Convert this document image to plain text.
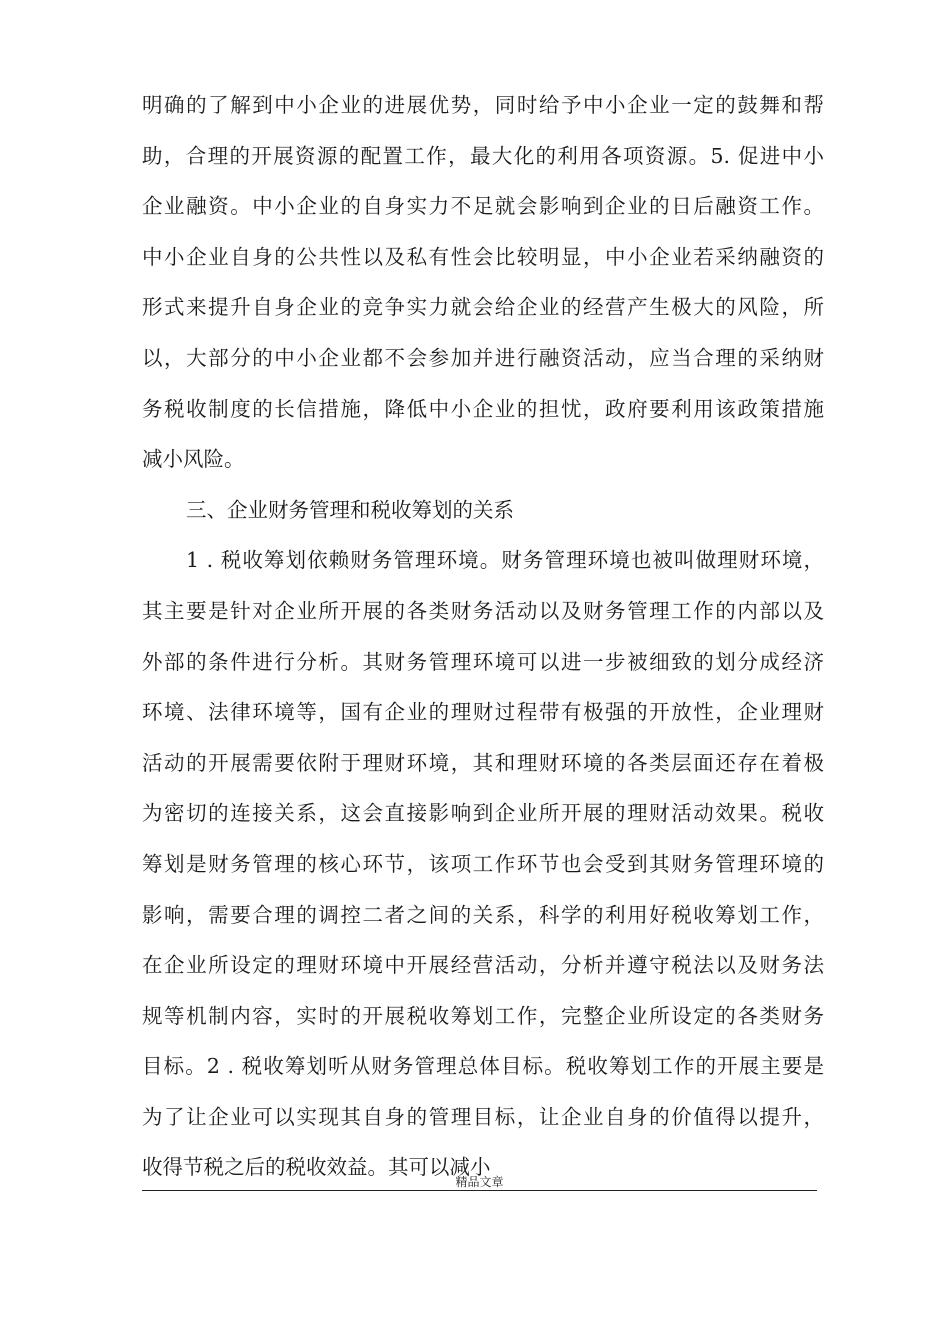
明确的了解到中小企业的进展优势，同时给予中小企业一定的鼓舞和帮
助，合理的开展资源的配置工作，最大化的利用各项资源。5. 促进中小
企业融资。中小企业的自身实力不足就会影响到企业的日后融资工作。
中小企业自身的公共性以及私有性会比较明显，中小企业若采纳融资的
形式来提升自身企业的竞争实力就会给企业的经营产生极大的风险，所
以，大部分的中小企业都不会参加并进行融资活动，应当合理的采纳财
务税收制度的长信措施，降低中小企业的担忧，政府要利用该政策措施
减小风险。
三、企业财务管理和税收筹划的关系
1 . 税收筹划依赖财务管理环境。财务管理环境也被叫做理财环境，
其主要是针对企业所开展的各类财务活动以及财务管理工作的内部以及
外部的条件进行分析。其财务管理环境可以进一步被细致的划分成经济
环境、法律环境等，国有企业的理财过程带有极强的开放性，企业理财
活动的开展需要依附于理财环境，其和理财环境的各类层面还存在着极
为密切的连接关系，这会直接影响到企业所开展的理财活动效果。税收
筹划是财务管理的核心环节，该项工作环节也会受到其财务管理环境的
影响，需要合理的调控二者之间的关系，科学的利用好税收筹划工作，
在企业所设定的理财环境中开展经营活动，分析并遵守税法以及财务法
规等机制内容，实时的开展税收筹划工作，完整企业所设定的各类财务
目标。2 . 税收筹划听从财务管理总体目标。税收筹划工作的开展主要是
为了让企业可以实现其自身的管理目标，让企业自身的价值得以提升，
收得节税之后的税收效益。其可以减小
精品文章
